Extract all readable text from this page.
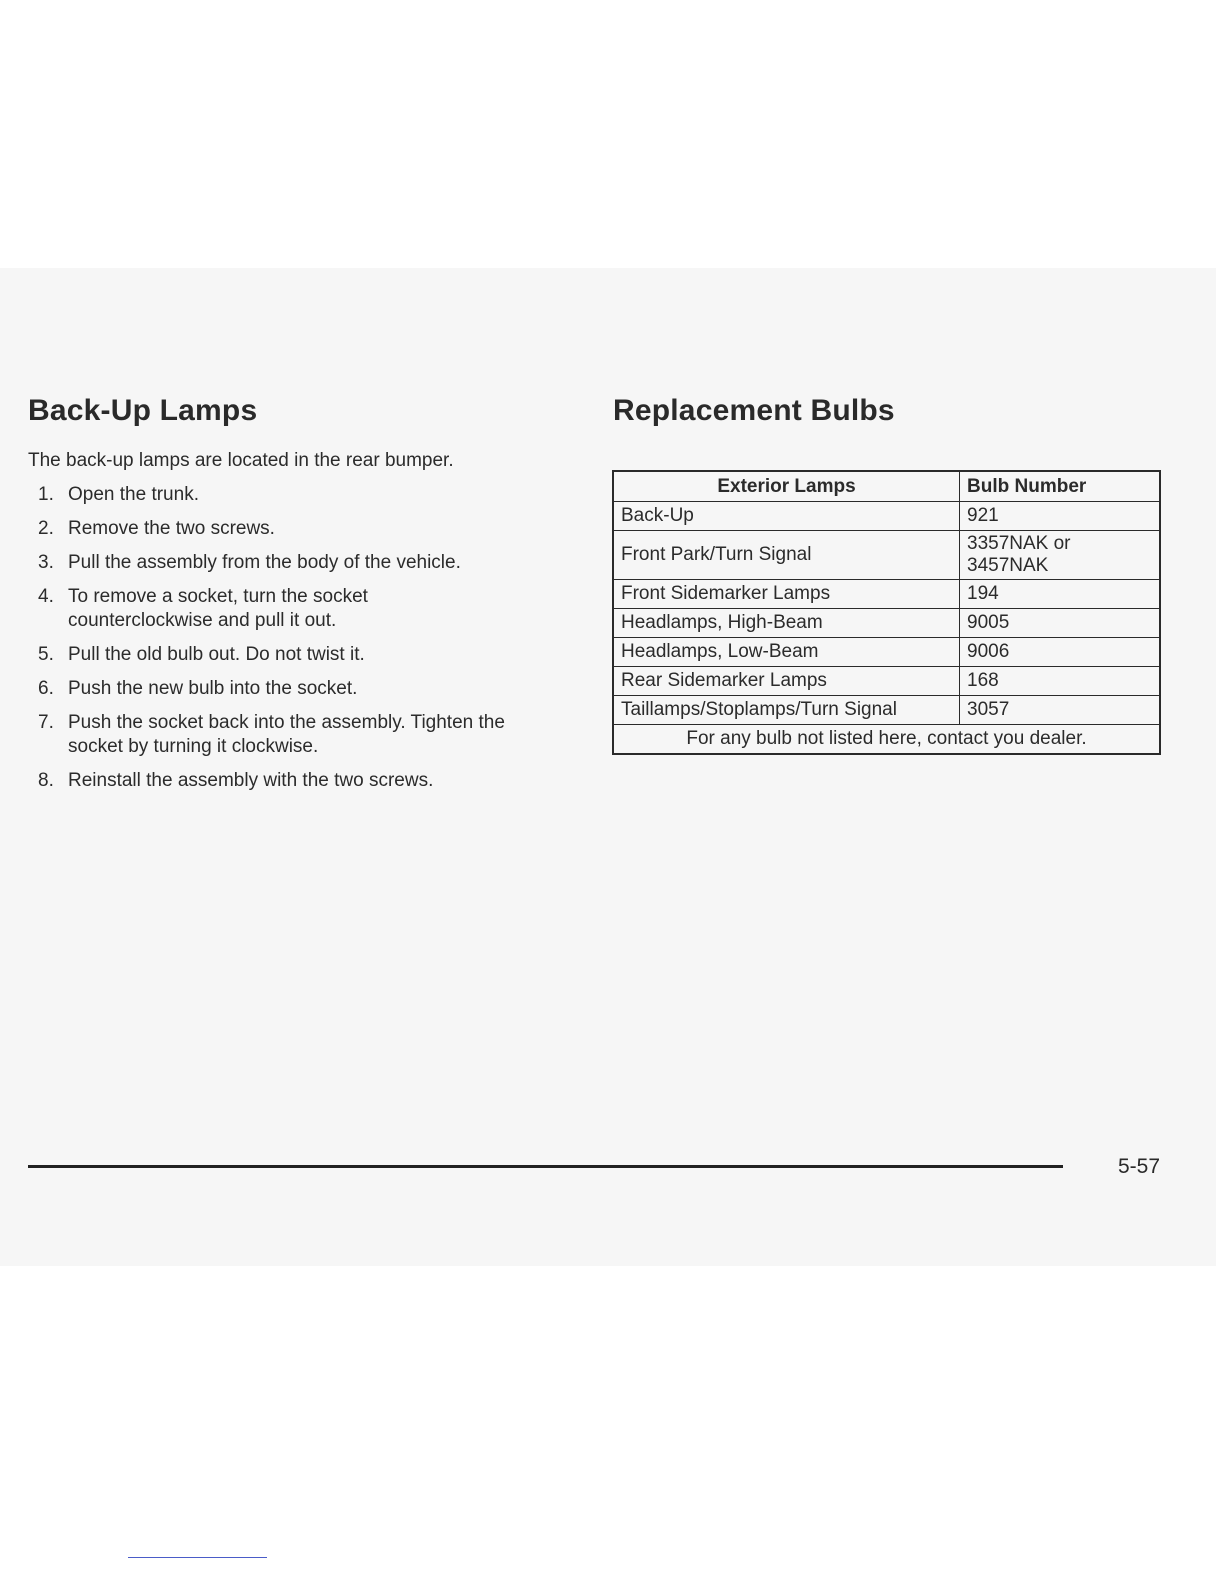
Back-Up Lamps
The back-up lamps are located in the rear bumper.
1. Open the trunk.
2. Remove the two screws.
3. Pull the assembly from the body of the vehicle.
4. To remove a socket, turn the socket counterclockwise and pull it out.
5. Pull the old bulb out. Do not twist it.
6. Push the new bulb into the socket.
7. Push the socket back into the assembly. Tighten the socket by turning it clockwise.
8. Reinstall the assembly with the two screws.
Replacement Bulbs
Exterior Lamps	Bulb Number
Back-Up	921
Front Park/Turn Signal	3357NAK or
3457NAK

Front Sidemarker Lamps	194
Headlamps, High-Beam	9005
Headlamps, Low-Beam	9006
Rear Sidemarker Lamps	168
Taillamps/Stoplamps/Turn Signal	3057
For any bulb not listed here, contact you dealer.	
5-57
